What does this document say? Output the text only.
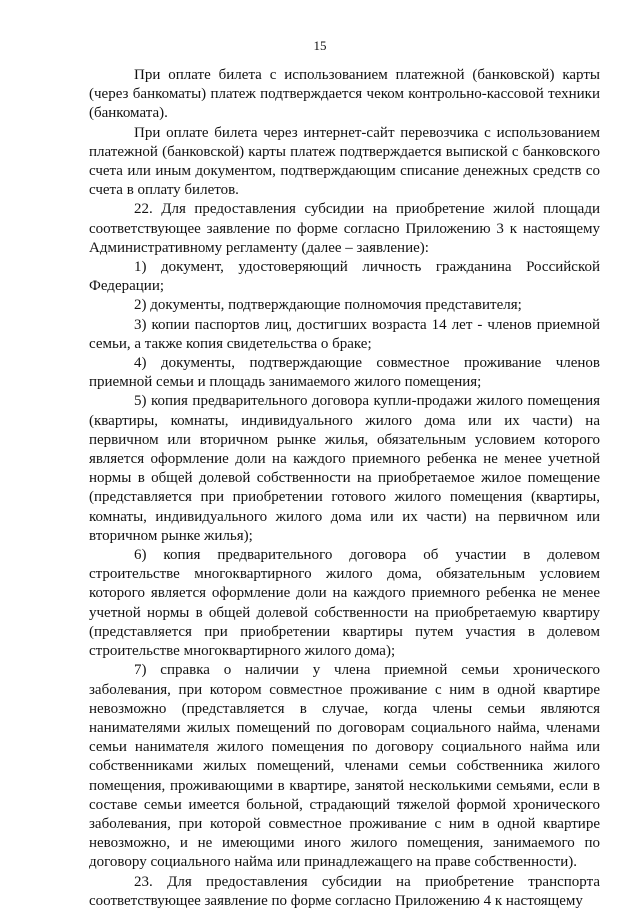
15

При оплате билета с использованием платежной (банковской) карты (через банкоматы) платеж подтверждается чеком контрольно-кассовой техники (банкомата).

При оплате билета через интернет-сайт перевозчика с использованием платежной (банковской) карты платеж подтверждается выпиской с банковского счета или иным документом, подтверждающим списание денежных средств со счета в оплату билетов.

22. Для предоставления субсидии на приобретение жилой площади соответствующее заявление по форме согласно Приложению 3 к настоящему Административному регламенту (далее – заявление):

1) документ, удостоверяющий личность гражданина Российской Федерации;

2) документы, подтверждающие полномочия представителя;

3) копии паспортов лиц, достигших возраста 14 лет - членов приемной семьи, а также копия свидетельства о браке;

4) документы, подтверждающие совместное проживание членов приемной семьи и площадь занимаемого жилого помещения;

5) копия предварительного договора купли-продажи жилого помещения (квартиры, комнаты, индивидуального жилого дома или их части) на первичном или вторичном рынке жилья, обязательным условием которого является оформление доли на каждого приемного ребенка не менее учетной нормы в общей долевой собственности на приобретаемое жилое помещение (представляется при приобретении готового жилого помещения (квартиры, комнаты, индивидуального жилого дома или их части) на первичном или вторичном рынке жилья);

6) копия предварительного договора об участии в долевом строительстве многоквартирного жилого дома, обязательным условием которого является оформление доли на каждого приемного ребенка не менее учетной нормы в общей долевой собственности на приобретаемую квартиру (представляется при приобретении квартиры путем участия в долевом строительстве многоквартирного жилого дома);

7) справка о наличии у члена приемной семьи хронического заболевания, при котором совместное проживание с ним в одной квартире невозможно (представляется в случае, когда члены семьи являются нанимателями жилых помещений по договорам социального найма, членами семьи нанимателя жилого помещения по договору социального найма или собственниками жилых помещений, членами семьи собственника жилого помещения, проживающими в квартире, занятой несколькими семьями, если в составе семьи имеется больной, страдающий тяжелой формой хронического заболевания, при которой совместное проживание с ним в одной квартире невозможно, и не имеющими иного жилого помещения, занимаемого по договору социального найма или принадлежащего на праве собственности).

23. Для предоставления субсидии на приобретение транспорта соответствующее заявление по форме согласно Приложению 4 к настоящему
